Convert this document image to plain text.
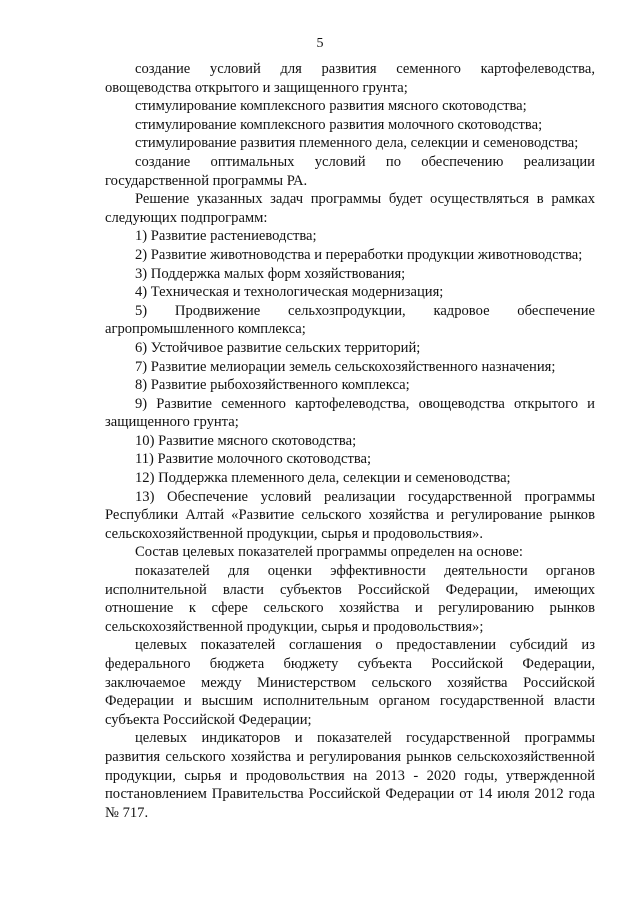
5

создание условий для развития семенного картофелеводства, овощеводства открытого и защищенного грунта;

стимулирование комплексного развития мясного скотоводства;

стимулирование комплексного развития молочного скотоводства;

стимулирование развития племенного дела, селекции и семеноводства;

создание оптимальных условий по обеспечению реализации государственной программы РА.

Решение указанных задач программы будет осуществляться в рамках следующих подпрограмм:

1) Развитие растениеводства;

2) Развитие животноводства и переработки продукции животноводства;

3) Поддержка малых форм хозяйствования;

4) Техническая и технологическая модернизация;

5) Продвижение сельхозпродукции, кадровое обеспечение агропромышленного комплекса;

6) Устойчивое развитие сельских территорий;

7) Развитие мелиорации земель сельскохозяйственного назначения;

8) Развитие рыбохозяйственного комплекса;

9) Развитие семенного картофелеводства, овощеводства открытого и защищенного грунта;

10) Развитие мясного скотоводства;

11) Развитие молочного скотоводства;

12) Поддержка племенного дела, селекции и семеноводства;

13) Обеспечение условий реализации государственной программы Республики Алтай «Развитие сельского хозяйства и регулирование рынков сельскохозяйственной продукции, сырья и продовольствия».

Состав целевых показателей программы определен на основе:

показателей для оценки эффективности деятельности органов исполнительной власти субъектов Российской Федерации, имеющих отношение к сфере сельского хозяйства и регулированию рынков сельскохозяйственной продукции, сырья и продовольствия»;

целевых показателей соглашения о предоставлении субсидий из федерального бюджета бюджету субъекта Российской Федерации, заключаемое между Министерством сельского хозяйства Российской Федерации и высшим исполнительным органом государственной власти субъекта Российской Федерации;

целевых индикаторов и показателей государственной программы развития сельского хозяйства и регулирования рынков сельскохозяйственной продукции, сырья и продовольствия на 2013 - 2020 годы, утвержденной постановлением Правительства Российской Федерации от 14 июля 2012 года № 717.
